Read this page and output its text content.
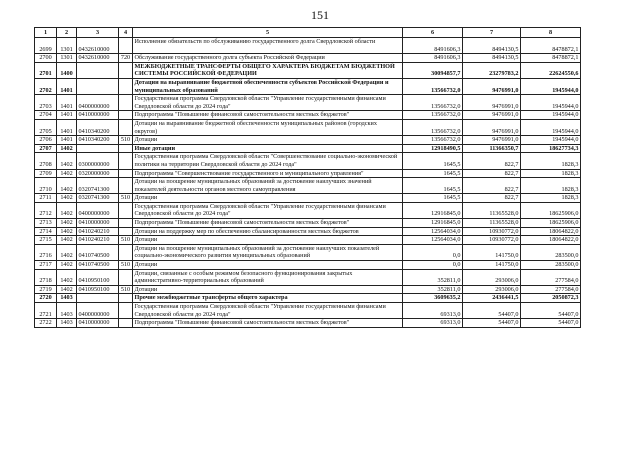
151
1	2	3	4	5	6	7	8
2699	1301	0432610000		Исполнение обязательств по обслуживанию государственного долга Свердловской области	8491606,3	8494130,5	8478872,1
2700	1301	0432610000	720	Обслуживание государственного долга субъекта Российской Федерации	8491606,3	8494130,5	8478872,1
2701	1400			МЕЖБЮДЖЕТНЫЕ ТРАНСФЕРТЫ ОБЩЕГО ХАРАКТЕРА БЮДЖЕТАМ БЮДЖЕТНОЙ СИСТЕМЫ РОССИЙСКОЙ ФЕДЕРАЦИИ	30094857,7	23279783,2	22624550,6
2702	1401			Дотации на выравнивание бюджетной обеспеченности субъектов Российской Федерации и муниципальных образований	13566732,0	9476991,0	1945944,0
2703	1401	0400000000		Государственная программа Свердловской области "Управление государственными финансами Свердловской области до 2024 года"	13566732,0	9476991,0	1945944,0
2704	1401	0410000000		Подпрограмма "Повышение финансовой самостоятельности местных бюджетов"	13566732,0	9476991,0	1945944,0
2705	1401	0410340200		Дотации на выравнивание бюджетной обеспеченности муниципальных районов (городских округов)	13566732,0	9476991,0	1945944,0
2706	1401	0410340200	510	Дотации	13566732,0	9476991,0	1945944,0
2707	1402			Иные дотации	12918490,5	11366350,7	18627734,3
2708	1402	0300000000		Государственная программа Свердловской области "Совершенствование социально-экономической политики на территории Свердловской области до 2024 года"	1645,5	822,7	1828,3
2709	1402	0320000000		Подпрограмма "Совершенствование государственного и муниципального управления"	1645,5	822,7	1828,3
2710	1402	0320741300		Дотации на поощрение муниципальных образований за достижение наилучших значений показателей деятельности органов местного самоуправления	1645,5	822,7	1828,3
2711	1402	0320741300	510	Дотации	1645,5	822,7	1828,3
2712	1402	0400000000		Государственная программа Свердловской области "Управление государственными финансами Свердловской области до 2024 года"	12916845,0	11365528,0	18625906,0
2713	1402	0410000000		Подпрограмма "Повышение финансовой самостоятельности местных бюджетов"	12916845,0	11365528,0	18625906,0
2714	1402	0410240210		Дотации на поддержку мер по обеспечению сбалансированности местных бюджетов	12564034,0	10930772,0	18064822,0
2715	1402	0410240210	510	Дотации	12564034,0	10930772,0	18064822,0
2716	1402	0410740500		Дотации на поощрение муниципальных образований за достижение наилучших показателей социально-экономического развития муниципальных образований	0,0	141750,0	283500,0
2717	1402	0410740500	510	Дотации	0,0	141750,0	283500,0
2718	1402	0410950100		Дотации, связанные с особым режимом безопасного функционирования закрытых административно-территориальных образований	352811,0	293006,0	277584,0
2719	1402	0410950100	510	Дотации	352811,0	293006,0	277584,0
2720	1403			Прочие межбюджетные трансферты общего характера	3609635,2	2436441,5	2050872,3
2721	1403	0400000000		Государственная программа Свердловской области "Управление государственными финансами Свердловской области до 2024 года"	69313,0	54407,0	54407,0
2722	1403	0410000000		Подпрограмма "Повышение финансовой самостоятельности местных бюджетов"	69313,0	54407,0	54407,0
